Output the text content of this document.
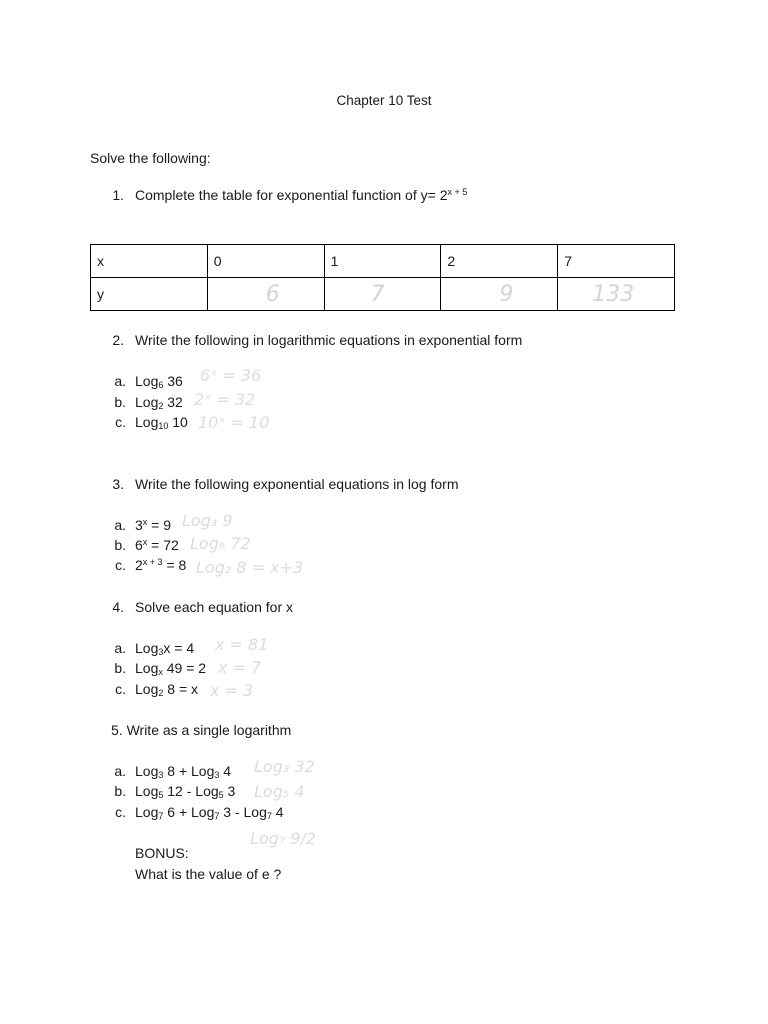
Chapter 10 Test
Solve the following:
1. Complete the table for exponential function of $y= 2^{x + 5}$
x	0	1	2	7
y	6	7	9	133
2. Write the following in logarithmic equations in exponential form
a. Log$_6$ 36 6ˣ = 36
b. Log$_2$ 32 2ˣ = 32
c. Log$_{10}$ 10 10ˣ = 10
3. Write the following exponential equations in log form
a. $3^x = 9$ Log₃ 9
b. $6^x = 72$ Log₆ 72
c. $2^{x + 3} = 8$ Log₂ 8 = x+3
4. Solve each equation for x
a. Log$_3$x = 4 x = 81
b. Log$_x$ 49 = 2 x = 7
c. Log$_2$ 8 = x x = 3
5. Write as a single logarithm
a. Log$_3$ 8 + Log$_3$ 4 Log₃ 32
b. Log$_5$ 12 - Log$_5$ 3 Log₅ 4
c. Log$_7$ 6 + Log$_7$ 3 - Log$_7$ 4
Log₇ 9/2
BONUS:
What is the value of e ?
